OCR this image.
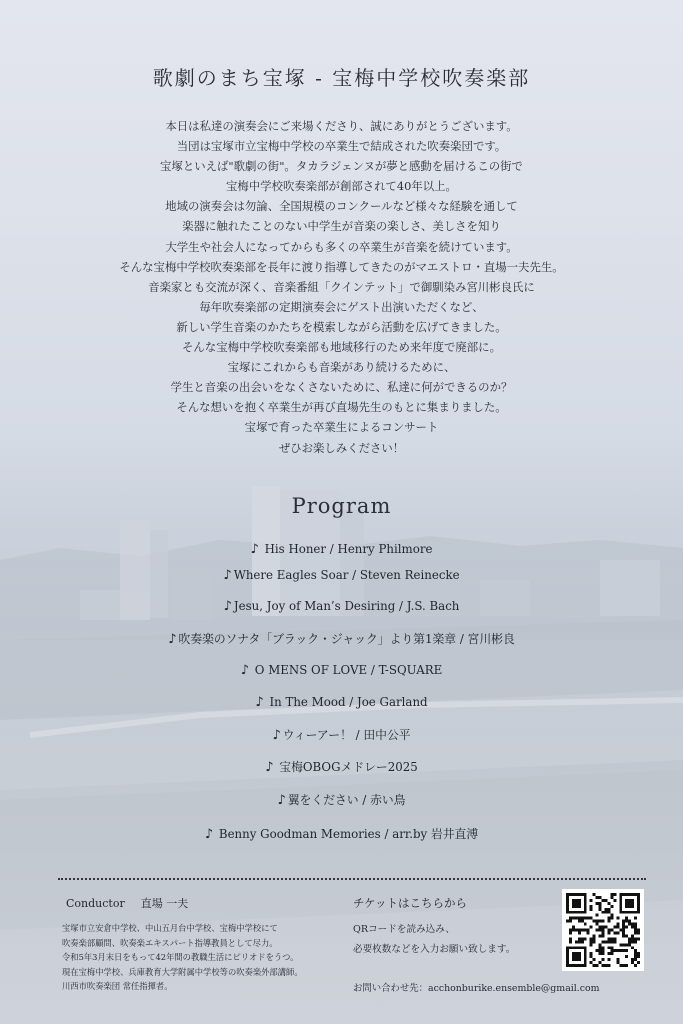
歌劇のまち宝塚 - 宝梅中学校吹奏楽部
本日は私達の演奏会にご来場くださり、誠にありがとうございます。
当団は宝塚市立宝梅中学校の卒業生で結成された吹奏楽団です。
宝塚といえば"歌劇の街"。タカラジェンヌが夢と感動を届けるこの街で
宝梅中学校吹奏楽部が創部されて40年以上。
地域の演奏会は勿論、全国規模のコンクールなど様々な経験を通して
楽器に触れたことのない中学生が音楽の楽しさ、美しさを知り
大学生や社会人になってからも多くの卒業生が音楽を続けています。
そんな宝梅中学校吹奏楽部を長年に渡り指導してきたのがマエストロ・直場一夫先生。
音楽家とも交流が深く、音楽番組「クインテット」で御馴染み宮川彬良氏に
毎年吹奏楽部の定期演奏会にゲスト出演いただくなど、
新しい学生音楽のかたちを模索しながら活動を広げてきました。
そんな宝梅中学校吹奏楽部も地域移行のため来年度で廃部に。
宝塚にこれからも音楽があり続けるために、
学生と音楽の出会いをなくさないために、私達に何ができるのか？
そんな想いを抱く卒業生が再び直場先生のもとに集まりました。
宝塚で育った卒業生によるコンサート
ぜひお楽しみください！
Program
♪ His Honer / Henry Philmore
♪ Where Eagles Soar / Steven Reinecke
♪ Jesu, Joy of Man’s Desiring / J.S. Bach
♪ 吹奏楽のソナタ「ブラック・ジャック」より第1楽章 / 宮川彬良
♪ O MENS OF LOVE / T-SQUARE
♪ In The Mood / Joe Garland
♪ ウィーアー！ / 田中公平
♪ 宝梅OBOGメドレー2025
♪ 翼をください / 赤い鳥
♪ Benny Goodman Memories / arr.by 岩井直溥
Conductor 直場 一夫
宝塚市立安倉中学校、中山五月台中学校、宝梅中学校にて
吹奏楽部顧問、吹奏楽エキスパート指導教員として尽力。
令和5年3月末日をもって42年間の教職生活にピリオドをうつ。
現在宝梅中学校、兵庫教育大学附属中学校等の吹奏楽外部講師。
川西市吹奏楽団 常任指揮者。
チケットはこちらから
QRコードを読み込み、
必要枚数などを入力お願い致します。
お問い合わせ先：acchonburike.ensemble@gmail.com
